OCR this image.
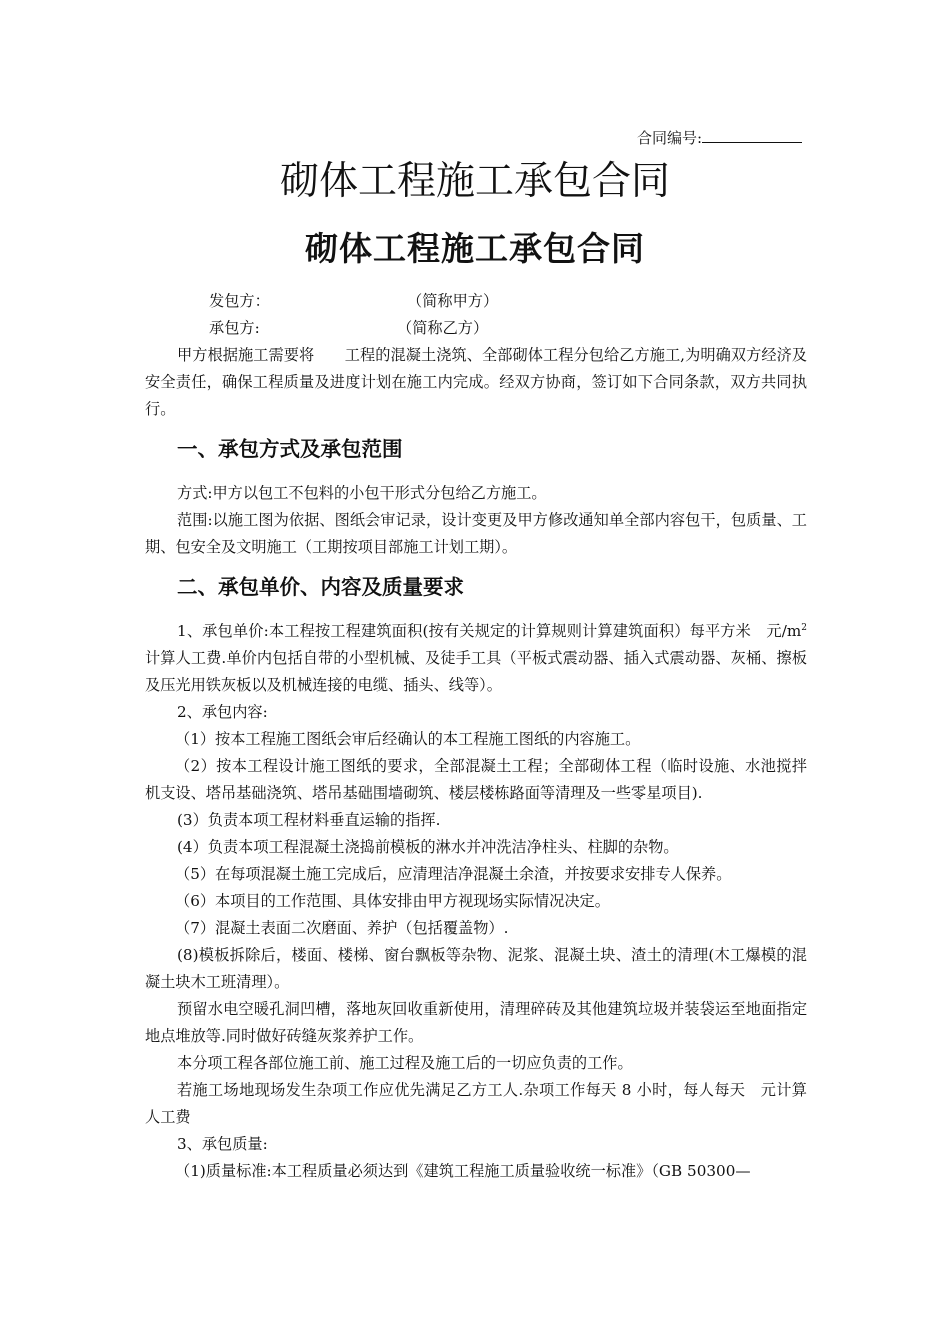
合同编号:
砌体工程施工承包合同
砌体工程施工承包合同

发包方：	（简称甲方）

承包方:	（简称乙方）

甲方根据施工需要将　　工程的混凝土浇筑、全部砌体工程分包给乙方施工,为明确双方经济及安全责任，确保工程质量及进度计划在施工内完成。经双方协商，签订如下合同条款，双方共同执行。

一、承包方式及承包范围

方式:甲方以包工不包料的小包干形式分包给乙方施工。

范围:以施工图为依据、图纸会审记录，设计变更及甲方修改通知单全部内容包干，包质量、工期、包安全及文明施工（工期按项目部施工计划工期）。

二、承包单价、内容及质量要求

1、承包单价:本工程按工程建筑面积(按有关规定的计算规则计算建筑面积）每平方米　元$/m^2$计算人工费.单价内包括自带的小型机械、及徒手工具（平板式震动器、插入式震动器、灰桶、擦板及压光用铁灰板以及机械连接的电缆、插头、线等）。

2、承包内容:

（1）按本工程施工图纸会审后经确认的本工程施工图纸的内容施工。

（2）按本工程设计施工图纸的要求，全部混凝土工程；全部砌体工程（临时设施、水池搅拌机支设、塔吊基础浇筑、塔吊基础围墙砌筑、楼层楼栋路面等清理及一些零星项目).

(3）负责本项工程材料垂直运输的指挥.

(4）负责本项工程混凝土浇捣前模板的淋水并冲洗洁净柱头、柱脚的杂物。

（5）在每项混凝土施工完成后，应清理洁净混凝土余渣，并按要求安排专人保养。

（6）本项目的工作范围、具体安排由甲方视现场实际情况决定。

（7）混凝土表面二次磨面、养护（包括覆盖物）.

(8)模板拆除后，楼面、楼梯、窗台飘板等杂物、泥浆、混凝土块、渣土的清理(木工爆模的混凝土块木工班清理）。

预留水电空暖孔洞凹槽，落地灰回收重新使用，清理碎砖及其他建筑垃圾并装袋运至地面指定地点堆放等.同时做好砖缝灰浆养护工作。

本分项工程各部位施工前、施工过程及施工后的一切应负责的工作。

若施工场地现场发生杂项工作应优先满足乙方工人.杂项工作每天 8 小时，每人每天　元计算人工费

3、承包质量:

（1)质量标准:本工程质量必须达到《建筑工程施工质量验收统一标准》（GB 50300—
